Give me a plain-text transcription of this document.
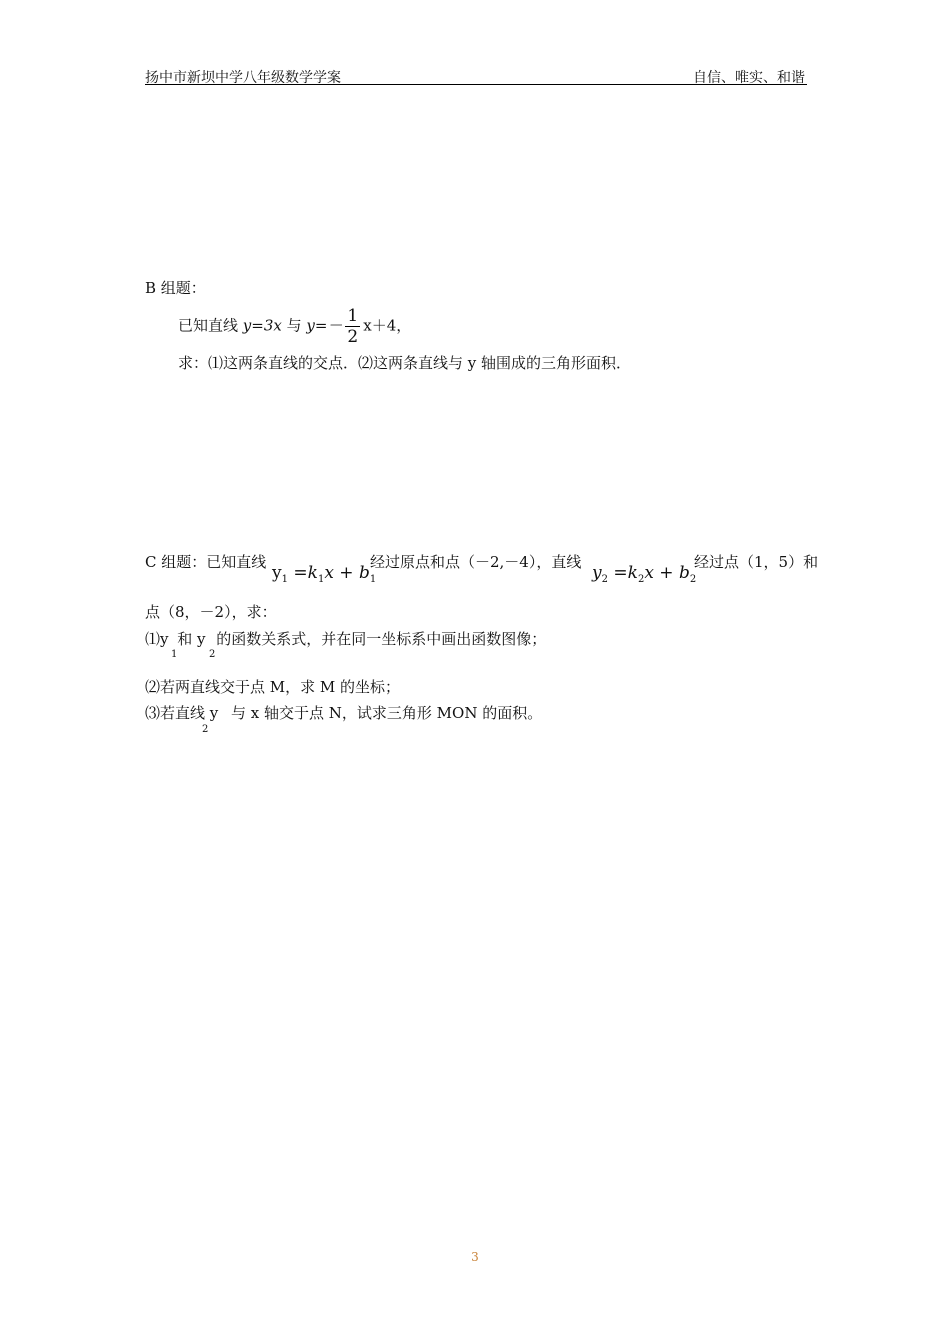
扬中市新坝中学八年级数学学案	自信、唯实、和谐
B 组题：
已知直线 y=3x 与 $y=- \frac{1}{2} x+4$，
求：⑴这两条直线的交点．⑵这两条直线与 y 轴围成的三角形面积．
C 组题：已知直线
$y_1 =k_1x + b_1$
经过原点和点（－2,－4），直线
$y_2 =k_2x + b_2$
经过点（1，5）和
点（8，－2），求：
⑴y 和 y 的函数关系式，并在同一坐标系中画出函数图像；
1	2
⑵若两直线交于点 M，求 M 的坐标；
⑶若直线 y 与 x 轴交于点 N，试求三角形 MON 的面积。
2
3
